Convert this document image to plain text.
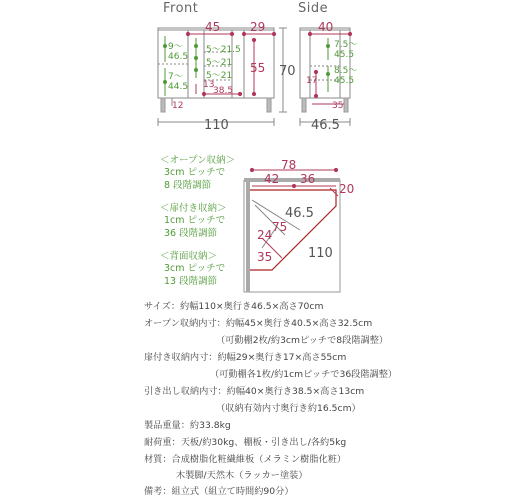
Front
45 29
9～
46.5
7～
44.5
5～21.5
5～21
5～21
13
38.5
55
12
110
70
Side
40
7.5～
45.5
8.5～
45.5
17
35
46.5
＜オープン収納＞
3cm ピッチで
8 段階調節
＜扉付き収納＞
1cm ピッチで
36 段階調節
＜背面収納＞
3cm ピッチで
13 段階調節
78
42 36
20
46.5
75
24
35	110
サイズ：約幅110×奥行き46.5×高さ70cm
オープン収納内寸：約幅45×奥行き40.5×高さ32.5cm
（可動棚2枚/約3cmピッチで8段階調整）
扉付き収納内寸：約幅29×奥行き17×高さ55cm
（可動棚各1枚/約1cmピッチで36段階調整）
引き出し収納内寸：約幅40×奥行き38.5×高さ13cm
（収納有効内寸奥行き約16.5cm）
製品重量：約33.8kg
耐荷重：天板/約30kg、棚板・引き出し/各約5kg
材質：合成樹脂化粧繊維板（メラミン樹脂化粧）
木製脚/天然木（ラッカー塗装）
備考：組立式（組立て時間約90分）
